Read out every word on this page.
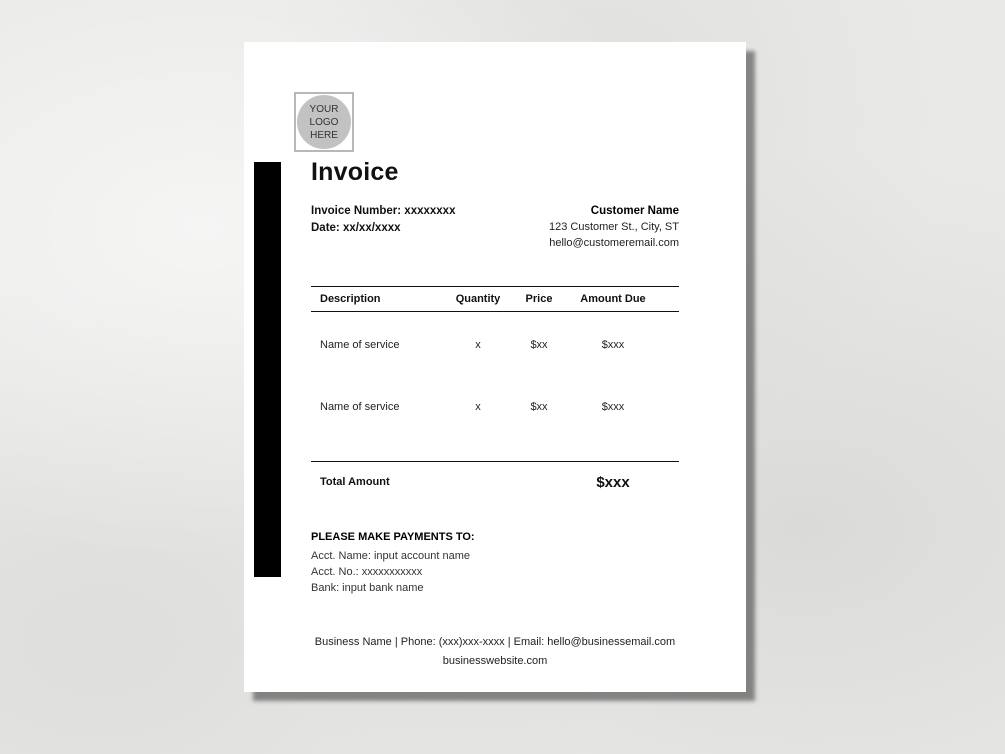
YOUR
LOGO
HERE
Invoice
Invoice Number: xxxxxxxx
Date: xx/xx/xxxx
Customer Name
123 Customer St., City, ST
hello@customeremail.com
Description	Quantity	Price	Amount Due
Name of service	x	$xx	$xxx
Name of service	x	$xx	$xxx
Total Amount	$xxx
PLEASE MAKE PAYMENTS TO:
Acct. Name: input account name
Acct. No.: xxxxxxxxxxx
Bank: input bank name
Business Name | Phone: (xxx)xxx-xxxx | Email: hello@businessemail.com
businesswebsite.com
